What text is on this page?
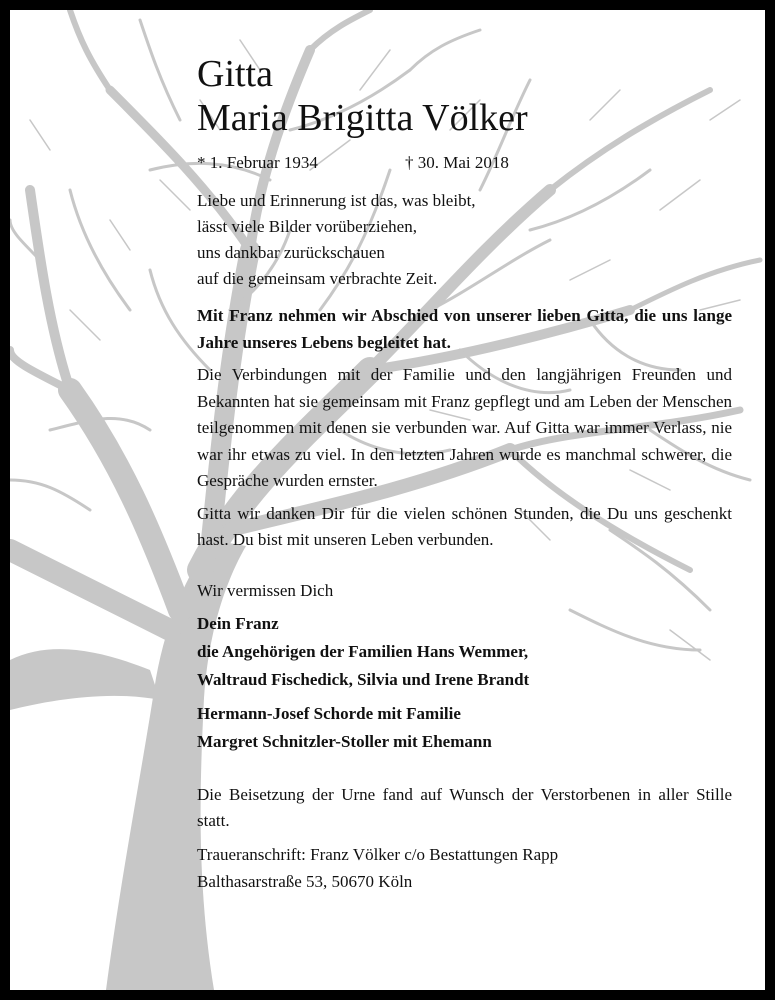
Gitta
Maria Brigitta Völker
* 1. Februar 1934	† 30. Mai 2018
Liebe und Erinnerung ist das, was bleibt,
lässt viele Bilder vorüberziehen,
uns dankbar zurückschauen
auf die gemeinsam verbrachte Zeit.

Mit Franz nehmen wir Abschied von unserer lieben Gitta, die uns lange Jahre unseres Lebens begleitet hat.

Die Verbindungen mit der Familie und den langjährigen Freunden und Bekannten hat sie gemeinsam mit Franz gepflegt und am Leben der Menschen teilgenommen mit denen sie verbunden war. Auf Gitta war immer Verlass, nie war ihr etwas zu viel. In den letzten Jahren wurde es manchmal schwerer, die Gespräche wurden ernster.

Gitta wir danken Dir für die vielen schönen Stunden, die Du uns geschenkt hast. Du bist mit unseren Leben verbunden.

Wir vermissen Dich
Dein Franz
die Angehörigen der Familien Hans Wemmer,
Waltraud Fischedick, Silvia und Irene Brandt
Hermann-Josef Schorde mit Familie
Margret Schnitzler-Stoller mit Ehemann

Die Beisetzung der Urne fand auf Wunsch der Verstorbenen in aller Stille statt.

Traueranschrift: Franz Völker c/o Bestattungen Rapp
Balthasarstraße 53, 50670 Köln
